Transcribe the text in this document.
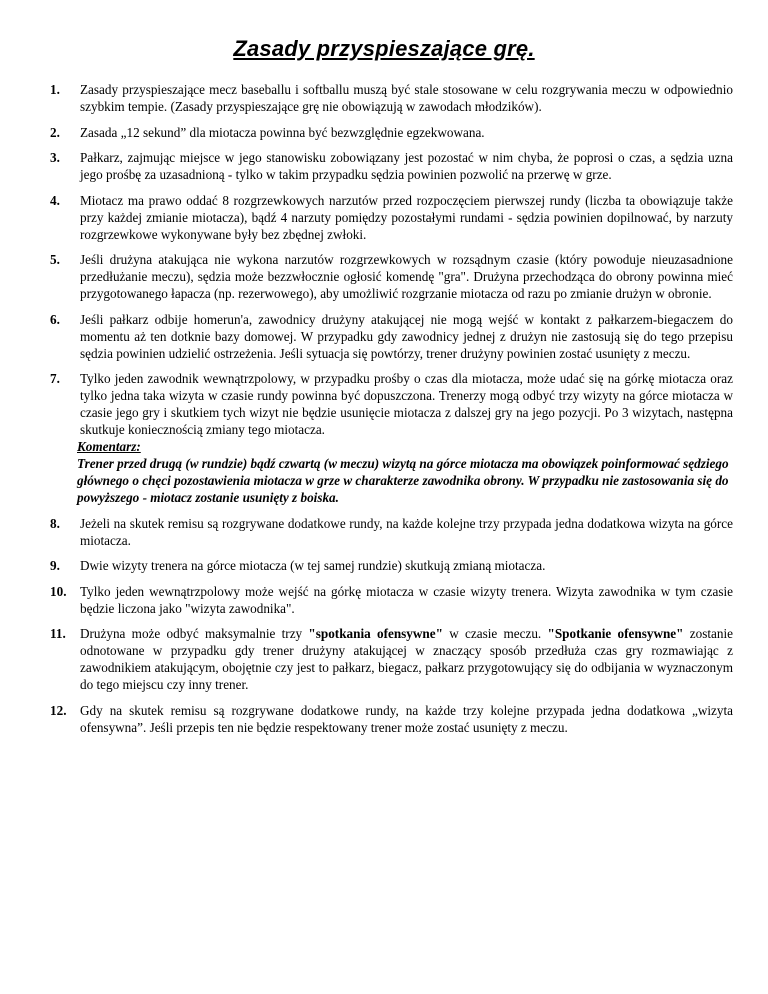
Zasady przyspieszające grę.
1. Zasady przyspieszające mecz baseballu i softballu muszą być stale stosowane w celu rozgrywania meczu w odpowiednio szybkim tempie. (Zasady przyspieszające grę nie obowiązują w zawodach młodzików).
2. Zasada „12 sekund” dla miotacza powinna być bezwzględnie egzekwowana.
3. Pałkarz, zajmując miejsce w jego stanowisku zobowiązany jest pozostać w nim chyba, że poprosi o czas, a sędzia uzna jego prośbę za uzasadnioną - tylko w takim przypadku sędzia powinien pozwolić na przerwę w grze.
4. Miotacz ma prawo oddać 8 rozgrzewkowych narzutów przed rozpoczęciem pierwszej rundy (liczba ta obowiązuje także przy każdej zmianie miotacza), bądź 4 narzuty pomiędzy pozostałymi rundami - sędzia powinien dopilnować, by narzuty rozgrzewkowe wykonywane były bez zbędnej zwłoki.
5. Jeśli drużyna atakująca nie wykona narzutów rozgrzewkowych w rozsądnym czasie (który powoduje nieuzasadnione przedłużanie meczu), sędzia może bezzwłocznie ogłosić komendę "gra". Drużyna przechodząca do obrony powinna mieć przygotowanego łapacza (np. rezerwowego), aby umożliwić rozgrzanie miotacza od razu po zmianie drużyn w obronie.
6. Jeśli pałkarz odbije homerun'a, zawodnicy drużyny atakującej nie mogą wejść w kontakt z pałkarzem-biegaczem do momentu aż ten dotknie bazy domowej. W przypadku gdy zawodnicy jednej z drużyn nie zastosują się do tego przepisu sędzia powinien udzielić ostrzeżenia. Jeśli sytuacja się powtórzy, trener drużyny powinien zostać usunięty z meczu.
7. Tylko jeden zawodnik wewnątrzpolowy, w przypadku prośby o czas dla miotacza, może udać się na górkę miotacza oraz tylko jedna taka wizyta w czasie rundy powinna być dopuszczona. Trenerzy mogą odbyć trzy wizyty na górce miotacza w czasie jego gry i skutkiem tych wizyt nie będzie usunięcie miotacza z dalszej gry na jego pozycji. Po 3 wizytach, następna skutkuje koniecznością zmiany tego miotacza.
Komentarz:
Trener przed drugą (w rundzie) bądź czwartą (w meczu) wizytą na górce miotacza ma obowiązek poinformować sędziego głównego o chęci pozostawienia miotacza w grze w charakterze zawodnika obrony. W przypadku nie zastosowania się do powyższego - miotacz zostanie usunięty z boiska.
8. Jeżeli na skutek remisu są rozgrywane dodatkowe rundy, na każde kolejne trzy przypada jedna dodatkowa wizyta na górce miotacza.
9. Dwie wizyty trenera na górce miotacza (w tej samej rundzie) skutkują zmianą miotacza.
10. Tylko jeden wewnątrzpolowy może wejść na górkę miotacza w czasie wizyty trenera. Wizyta zawodnika w tym czasie będzie liczona jako "wizyta zawodnika".
11. Drużyna może odbyć maksymalnie trzy "spotkania ofensywne" w czasie meczu. "Spotkanie ofensywne" zostanie odnotowane w przypadku gdy trener drużyny atakującej w znaczący sposób przedłuża czas gry rozmawiając z zawodnikiem atakującym, obojętnie czy jest to pałkarz, biegacz, pałkarz przygotowujący się do odbijania w wyznaczonym do tego miejscu czy inny trener.
12. Gdy na skutek remisu są rozgrywane dodatkowe rundy, na każde trzy kolejne przypada jedna dodatkowa „wizyta ofensywna”. Jeśli przepis ten nie będzie respektowany trener może zostać usunięty z meczu.
